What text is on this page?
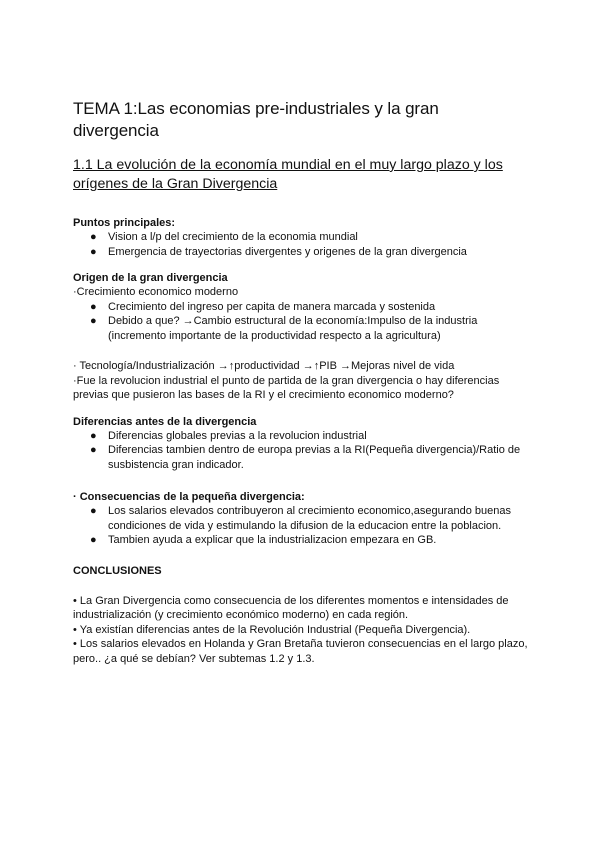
TEMA 1:Las economias pre-industriales y la gran divergencia
1.1 La evolución de la economía mundial en el muy largo plazo y los orígenes de la Gran Divergencia

Puntos principales:

● Vision a l/p del crecimiento de la economia mundial
● Emergencia de trayectorias divergentes y origenes de la gran divergencia

Origen de la gran divergencia

·Crecimiento economico moderno

● Crecimiento del ingreso per capita de manera marcada y sostenida
● Debido a que? →Cambio estructural de la economía:Impulso de la industria (incremento importante de la productividad respecto a la agricultura)

· Tecnología/Industrialización →↑productividad →↑PIB →Mejoras nivel de vida

·Fue la revolucion industrial el punto de partida de la gran divergencia o hay diferencias previas que pusieron las bases de la RI y el crecimiento economico moderno?

Diferencias antes de la divergencia

● Diferencias globales previas a la revolucion industrial
● Diferencias tambien dentro de europa previas a la RI(Pequeña divergencia)/Ratio de susbistencia gran indicador.

· Consecuencias de la pequeña divergencia:

● Los salarios elevados contribuyeron al crecimiento economico,asegurando buenas condiciones de vida y estimulando la difusion de la educacion entre la poblacion.
● Tambien ayuda a explicar que la industrializacion empezara en GB.

CONCLUSIONES

• La Gran Divergencia como consecuencia de los diferentes momentos e intensidades de industrialización (y crecimiento económico moderno) en cada región.

• Ya existían diferencias antes de la Revolución Industrial (Pequeña Divergencia).

• Los salarios elevados en Holanda y Gran Bretaña tuvieron consecuencias en el largo plazo, pero.. ¿a qué se debían? Ver subtemas 1.2 y 1.3.
